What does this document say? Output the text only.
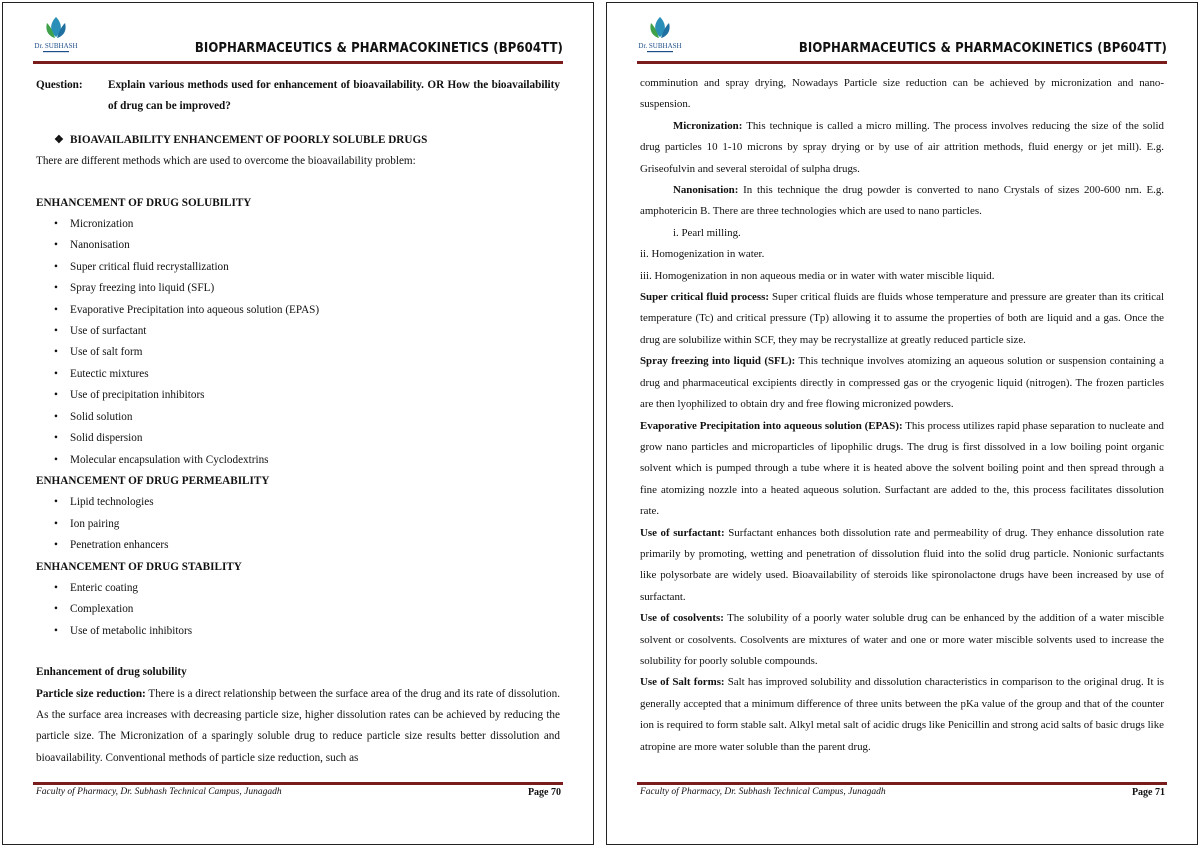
Dr. SUBHASH	BIOPHARMACEUTICS & PHARMACOKINETICS (BP604TT)
Question:	Explain various methods used for enhancement of bioavailability. OR How the bioavailability of drug can be improved?
❖ BIOAVAILABILITY ENHANCEMENT OF POORLY SOLUBLE DRUGS

There are different methods which are used to overcome the bioavailability problem:

ENHANCEMENT OF DRUG SOLUBILITY
• Micronization
• Nanonisation
• Super critical fluid recrystallization
• Spray freezing into liquid (SFL)
• Evaporative Precipitation into aqueous solution (EPAS)
• Use of surfactant
• Use of salt form
• Eutectic mixtures
• Use of precipitation inhibitors
• Solid solution
• Solid dispersion
• Molecular encapsulation with Cyclodextrins
ENHANCEMENT OF DRUG PERMEABILITY
• Lipid technologies
• Ion pairing
• Penetration enhancers
ENHANCEMENT OF DRUG STABILITY
• Enteric coating
• Complexation
• Use of metabolic inhibitors
Enhancement of drug solubility

Particle size reduction: There is a direct relationship between the surface area of the drug and its rate of dissolution. As the surface area increases with decreasing particle size, higher dissolution rates can be achieved by reducing the particle size. The Micronization of a sparingly soluble drug to reduce particle size results better dissolution and bioavailability. Conventional methods of particle size reduction, such as

Faculty of Pharmacy, Dr. Subhash Technical Campus, Junagadh	Page 70
Dr. SUBHASH	BIOPHARMACEUTICS & PHARMACOKINETICS (BP604TT)

comminution and spray drying, Nowadays Particle size reduction can be achieved by micronization and nano-suspension.

Micronization: This technique is called a micro milling. The process involves reducing the size of the solid drug particles 10 1-10 microns by spray drying or by use of air attrition methods, fluid energy or jet mill). E.g. Griseofulvin and several steroidal of sulpha drugs.

Nanonisation: In this technique the drug powder is converted to nano Crystals of sizes 200-600 nm. E.g. amphotericin B. There are three technologies which are used to nano particles.

i. Pearl milling.

ii. Homogenization in water.

iii. Homogenization in non aqueous media or in water with water miscible liquid.

Super critical fluid process: Super critical fluids are fluids whose temperature and pressure are greater than its critical temperature (Tc) and critical pressure (Tp) allowing it to assume the properties of both are liquid and a gas. Once the drug are solubilize within SCF, they may be recrystallize at greatly reduced particle size.

Spray freezing into liquid (SFL): This technique involves atomizing an aqueous solution or suspension containing a drug and pharmaceutical excipients directly in compressed gas or the cryogenic liquid (nitrogen). The frozen particles are then lyophilized to obtain dry and free flowing micronized powders.

Evaporative Precipitation into aqueous solution (EPAS): This process utilizes rapid phase separation to nucleate and grow nano particles and microparticles of lipophilic drugs. The drug is first dissolved in a low boiling point organic solvent which is pumped through a tube where it is heated above the solvent boiling point and then spread through a fine atomizing nozzle into a heated aqueous solution. Surfactant are added to the, this process facilitates dissolution rate.

Use of surfactant: Surfactant enhances both dissolution rate and permeability of drug. They enhance dissolution rate primarily by promoting, wetting and penetration of dissolution fluid into the solid drug particle. Nonionic surfactants like polysorbate are widely used. Bioavailability of steroids like spironolactone drugs have been increased by use of surfactant.

Use of cosolvents: The solubility of a poorly water soluble drug can be enhanced by the addition of a water miscible solvent or cosolvents. Cosolvents are mixtures of water and one or more water miscible solvents used to increase the solubility for poorly soluble compounds.

Use of Salt forms: Salt has improved solubility and dissolution characteristics in comparison to the original drug. It is generally accepted that a minimum difference of three units between the pKa value of the group and that of the counter ion is required to form stable salt. Alkyl metal salt of acidic drugs like Penicillin and strong acid salts of basic drugs like atropine are more water soluble than the parent drug.

Faculty of Pharmacy, Dr. Subhash Technical Campus, Junagadh	Page 71
